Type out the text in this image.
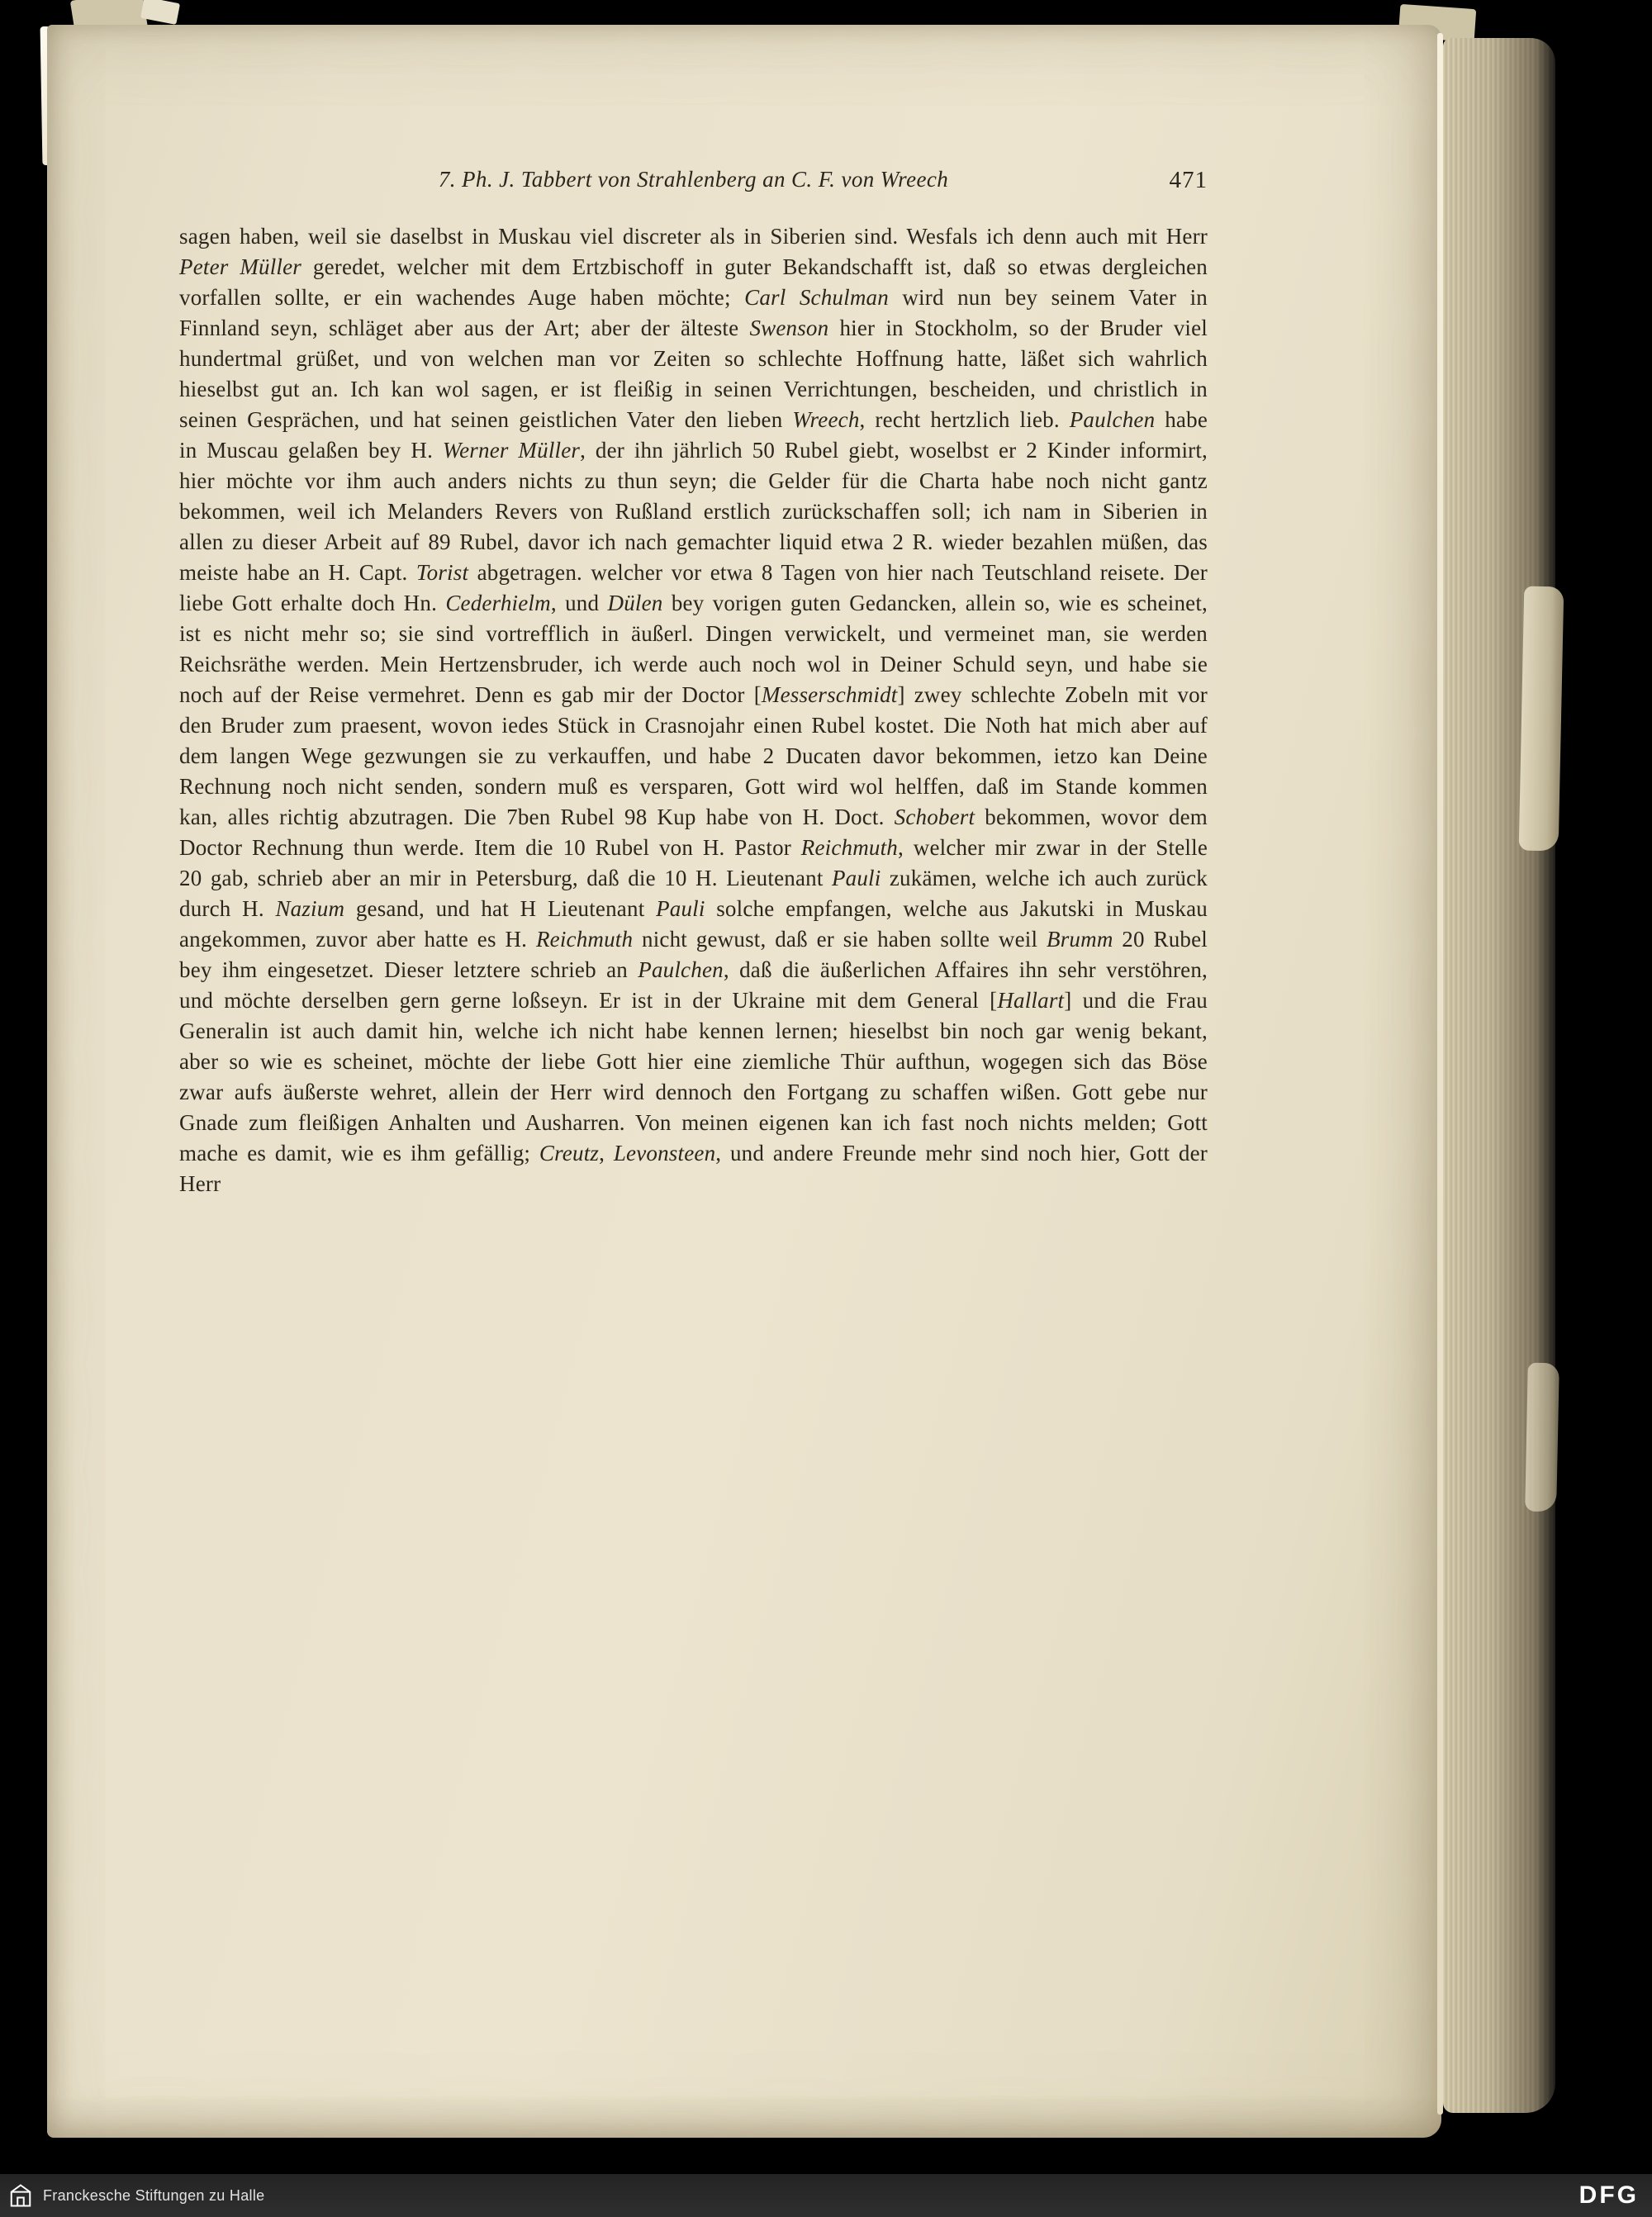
7. Ph. J. Tabbert von Strahlenberg an C. F. von Wreech	471

sagen haben, weil sie daselbst in Muskau viel discreter als in Siberien sind. Wesfals ich denn auch mit Herr Peter Müller geredet, welcher mit dem Ertzbischoff in guter Bekandschafft ist, daß so etwas dergleichen vorfallen sollte, er ein wachendes Auge haben möchte; Carl Schulman wird nun bey seinem Vater in Finnland seyn, schläget aber aus der Art; aber der älteste Swenson hier in Stockholm, so der Bruder viel hundertmal grüßet, und von welchen man vor Zeiten so schlechte Hoffnung hatte, läßet sich wahrlich hieselbst gut an. Ich kan wol sagen, er ist fleißig in seinen Verrichtungen, bescheiden, und christlich in seinen Gesprächen, und hat seinen geistlichen Vater den lieben Wreech, recht hertzlich lieb. Paulchen habe in Muscau gelaßen bey H. Werner Müller, der ihn jährlich 50 Rubel giebt, woselbst er 2 Kinder informirt, hier möchte vor ihm auch anders nichts zu thun seyn; die Gelder für die Charta habe noch nicht gantz bekommen, weil ich Melanders Revers von Rußland erstlich zurückschaffen soll; ich nam in Siberien in allen zu dieser Arbeit auf 89 Rubel, davor ich nach gemachter liquid etwa 2 R. wieder bezahlen müßen, das meiste habe an H. Capt. Torist abgetragen. welcher vor etwa 8 Tagen von hier nach Teutschland reisete. Der liebe Gott erhalte doch Hn. Cederhielm, und Dülen bey vorigen guten Gedancken, allein so, wie es scheinet, ist es nicht mehr so; sie sind vortrefflich in äußerl. Dingen verwickelt, und vermeinet man, sie werden Reichsräthe werden. Mein Hertzensbruder, ich werde auch noch wol in Deiner Schuld seyn, und habe sie noch auf der Reise vermehret. Denn es gab mir der Doctor [Messerschmidt] zwey schlechte Zobeln mit vor den Bruder zum praesent, wovon iedes Stück in Crasnojahr einen Rubel kostet. Die Noth hat mich aber auf dem langen Wege gezwungen sie zu verkauffen, und habe 2 Ducaten davor bekommen, ietzo kan Deine Rechnung noch nicht senden, sondern muß es versparen, Gott wird wol helffen, daß im Stande kommen kan, alles richtig abzutragen. Die 7ben Rubel 98 Kup habe von H. Doct. Schobert bekommen, wovor dem Doctor Rechnung thun werde. Item die 10 Rubel von H. Pastor Reichmuth, welcher mir zwar in der Stelle 20 gab, schrieb aber an mir in Petersburg, daß die 10 H. Lieutenant Pauli zukämen, welche ich auch zurück durch H. Nazium gesand, und hat H Lieutenant Pauli solche empfangen, welche aus Jakutski in Muskau angekommen, zuvor aber hatte es H. Reichmuth nicht gewust, daß er sie haben sollte weil Brumm 20 Rubel bey ihm eingesetzet. Dieser letztere schrieb an Paulchen, daß die äußerlichen Affaires ihn sehr verstöhren, und möchte derselben gern gerne loßseyn. Er ist in der Ukraine mit dem General [Hallart] und die Frau Generalin ist auch damit hin, welche ich nicht habe kennen lernen; hieselbst bin noch gar wenig bekant, aber so wie es scheinet, möchte der liebe Gott hier eine ziemliche Thür aufthun, wogegen sich das Böse zwar aufs äußerste wehret, allein der Herr wird dennoch den Fortgang zu schaffen wißen. Gott gebe nur Gnade zum fleißigen Anhalten und Ausharren. Von meinen eigenen kan ich fast noch nichts melden; Gott mache es damit, wie es ihm gefällig; Creutz, Levonsteen, und andere Freunde mehr sind noch hier, Gott der Herr

Franckesche Stiftungen zu Halle	DFG
